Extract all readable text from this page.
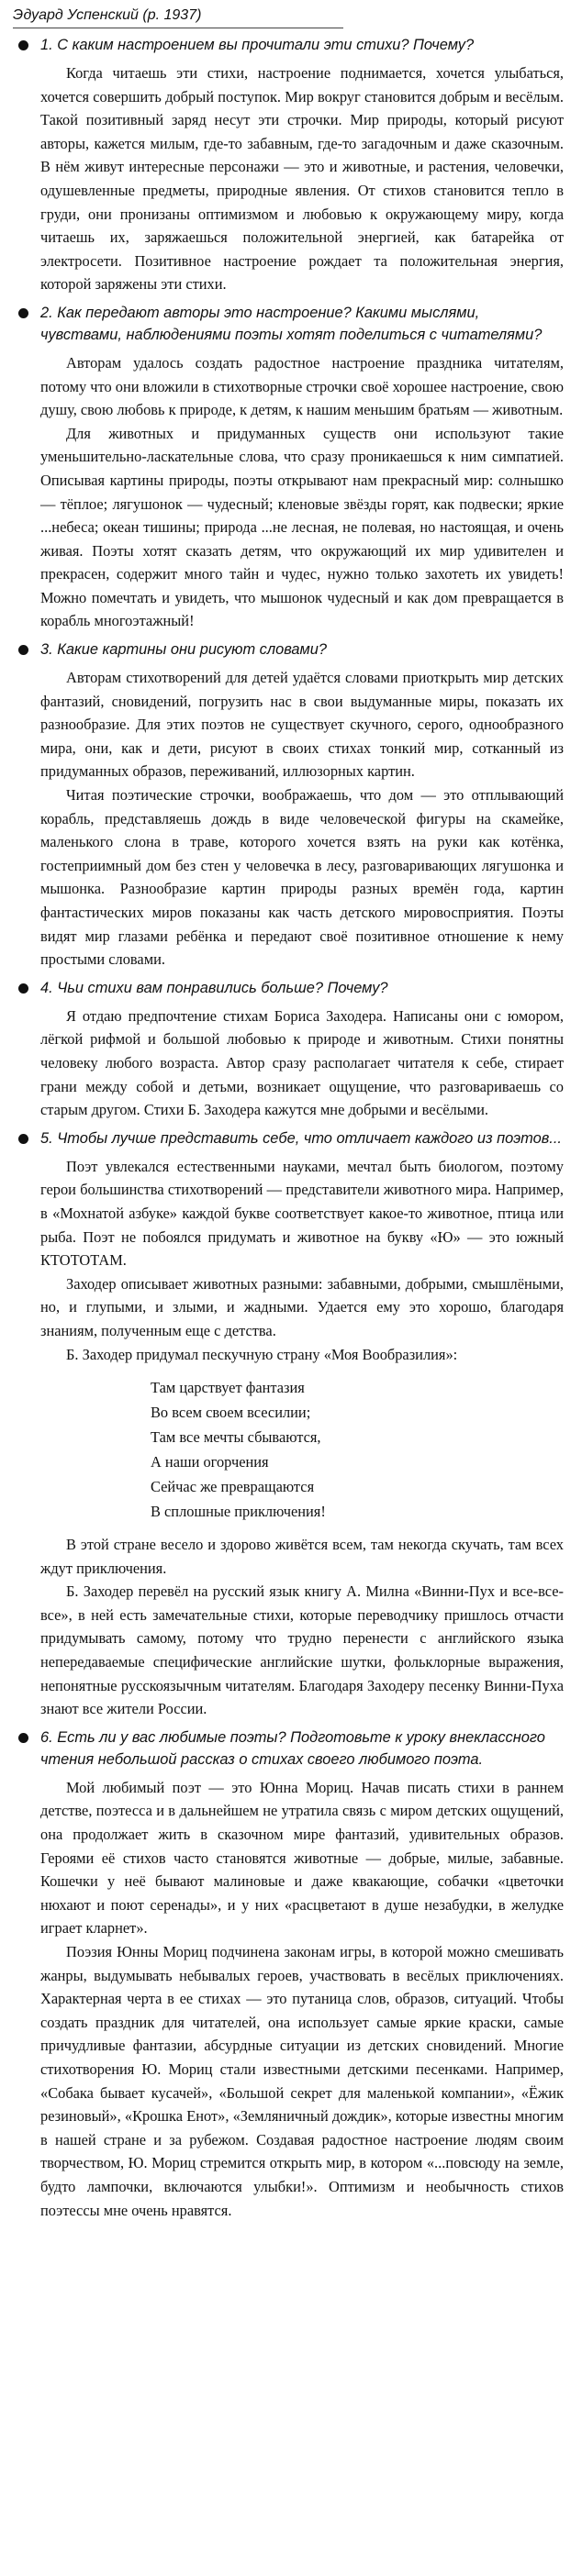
Эдуард Успенский (р. 1937)
1. С каким настроением вы прочитали эти стихи? Почему?

Когда читаешь эти стихи, настроение поднимается, хочется улыбаться, хочется совершить добрый поступок. Мир вокруг становится добрым и весёлым. Такой позитивный заряд несут эти строчки. Мир природы, который рисуют авторы, кажется милым, где-то забавным, где-то загадочным и даже сказочным. В нём живут интересные персонажи — это и животные, и растения, человечки, одушевленные предметы, природные явления. От стихов становится тепло в груди, они пронизаны оптимизмом и любовью к окружающему миру, когда читаешь их, заряжаешься положительной энергией, как батарейка от электросети. Позитивное настроение рождает та положительная энергия, которой заряжены эти стихи.

2. Как передают авторы это настроение? Какими мыслями, чувствами, наблюдениями поэты хотят поделиться с читателями?

Авторам удалось создать радостное настроение праздника читателям, потому что они вложили в стихотворные строчки своё хорошее настроение, свою душу, свою любовь к природе, к детям, к нашим меньшим братьям — животным.

Для животных и придуманных существ они используют такие уменьшительно-ласкательные слова, что сразу проникаешься к ним симпатией. Описывая картины природы, поэты открывают нам прекрасный мир: солнышко — тёплое; лягушонок — чудесный; кленовые звёзды горят, как подвески; яркие ...небеса; океан тишины; природа ...не лесная, не полевая, но настоящая, и очень живая. Поэты хотят сказать детям, что окружающий их мир удивителен и прекрасен, содержит много тайн и чудес, нужно только захотеть их увидеть! Можно помечтать и увидеть, что мышонок чудесный и как дом превращается в корабль многоэтажный!

3. Какие картины они рисуют словами?

Авторам стихотворений для детей удаётся словами приоткрыть мир детских фантазий, сновидений, погрузить нас в свои выдуманные миры, показать их разнообразие. Для этих поэтов не существует скучного, серого, однообразного мира, они, как и дети, рисуют в своих стихах тонкий мир, сотканный из придуманных образов, переживаний, иллюзорных картин.

Читая поэтические строчки, воображаешь, что дом — это отплывающий корабль, представляешь дождь в виде человеческой фигуры на скамейке, маленького слона в траве, которого хочется взять на руки как котёнка, гостеприимный дом без стен у человечка в лесу, разговаривающих лягушонка и мышонка. Разнообразие картин природы разных времён года, картин фантастических миров показаны как часть детского мировосприятия. Поэты видят мир глазами ребёнка и передают своё позитивное отношение к нему простыми словами.

4. Чьи стихи вам понравились больше? Почему?

Я отдаю предпочтение стихам Бориса Заходера. Написаны они с юмором, лёгкой рифмой и большой любовью к природе и животным. Стихи понятны человеку любого возраста. Автор сразу располагает читателя к себе, стирает грани между собой и детьми, возникает ощущение, что разговариваешь со старым другом. Стихи Б. Заходера кажутся мне добрыми и весёлыми.

5. Чтобы лучше представить себе, что отличает каждого из поэтов...

Поэт увлекался естественными науками, мечтал быть биологом, поэтому герои большинства стихотворений — представители животного мира. Например, в «Мохнатой азбуке» каждой букве соответствует какое-то животное, птица или рыба. Поэт не побоялся придумать и животное на букву «Ю» — это южный КТОТОТАМ.

Заходер описывает животных разными: забавными, добрыми, смышлёными, но, и глупыми, и злыми, и жадными. Удается ему это хорошо, благодаря знаниям, полученным еще с детства.

Б. Заходер придумал пескучную страну «Моя Вообразилия»:

Там царствует фантазия
Во всем своем всесилии;
Там все мечты сбываются,
А наши огорчения
Сейчас же превращаются
В сплошные приключения!

В этой стране весело и здорово живётся всем, там некогда скучать, там всех ждут приключения.

Б. Заходер перевёл на русский язык книгу А. Милна «Винни-Пух и все-все-все», в ней есть замечательные стихи, которые переводчику пришлось отчасти придумывать самому, потому что трудно перенести с английского языка непередаваемые специфические английские шутки, фольклорные выражения, непонятные русскоязычным читателям. Благодаря Заходеру песенку Винни-Пуха знают все жители России.

6. Есть ли у вас любимые поэты? Подготовьте к уроку внеклассного чтения небольшой рассказ о стихах своего любимого поэта.

Мой любимый поэт — это Юнна Мориц. Начав писать стихи в раннем детстве, поэтесса и в дальнейшем не утратила связь с миром детских ощущений, она продолжает жить в сказочном мире фантазий, удивительных образов. Героями её стихов часто становятся животные — добрые, милые, забавные. Кошечки у неё бывают малиновые и даже квакающие, собачки «цветочки нюхают и поют серенады», и у них «расцветают в душе незабудки, в желудке играет кларнет».

Поэзия Юнны Мориц подчинена законам игры, в которой можно смешивать жанры, выдумывать небывалых героев, участвовать в весёлых приключениях. Характерная черта в ее стихах — это путаница слов, образов, ситуаций. Чтобы создать праздник для читателей, она использует самые яркие краски, самые причудливые фантазии, абсурдные ситуации из детских сновидений. Многие стихотворения Ю. Мориц стали известными детскими песенками. Например, «Собака бывает кусачей», «Большой секрет для маленькой компании», «Ёжик резиновый», «Крошка Енот», «Земляничный дождик», которые известны многим в нашей стране и за рубежом. Создавая радостное настроение людям своим творчеством, Ю. Мориц стремится открыть мир, в котором «...повсюду на земле, будто лампочки, включаются улыбки!». Оптимизм и необычность стихов поэтессы мне очень нравятся.
